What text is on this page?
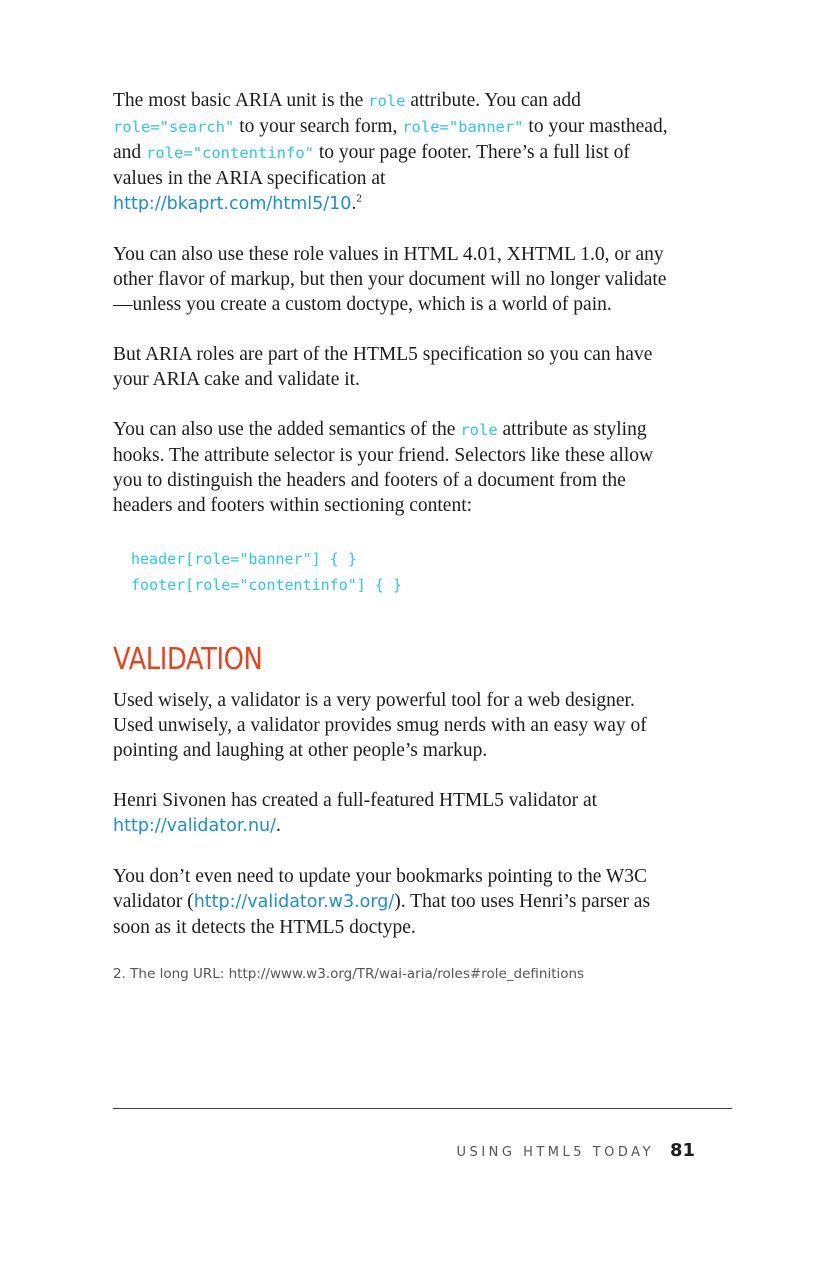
The most basic ARIA unit is the role attribute. You can add
role="search" to your search form, role="banner" to your masthead, and role="contentinfo" to your page footer. There’s a full list of values in the ARIA specification at
http://bkaprt.com/html5/10.$^2$

You can also use these role values in HTML 4.01, XHTML 1.0, or any other flavor of markup, but then your document will no longer validate—unless you create a custom doctype, which is a world of pain.

But ARIA roles are part of the HTML5 specification so you can have your ARIA cake and validate it.

You can also use the added semantics of the role attribute as styling hooks. The attribute selector is your friend. Selectors like these allow you to distinguish the headers and footers of a document from the headers and footers within sectioning content:

header[role="banner"] { }
footer[role="contentinfo"] { }
VALIDATION

Used wisely, a validator is a very powerful tool for a web designer. Used unwisely, a validator provides smug nerds with an easy way of pointing and laughing at other people’s markup.

Henri Sivonen has created a full-featured HTML5 validator at
http://validator.nu/.

You don’t even need to update your bookmarks pointing to the W3C validator (http://validator.w3.org/). That too uses Henri’s parser as soon as it detects the HTML5 doctype.

2. The long URL: http://www.w3.org/TR/wai-aria/roles#role_definitions
USING HTML5 TODAY 81
